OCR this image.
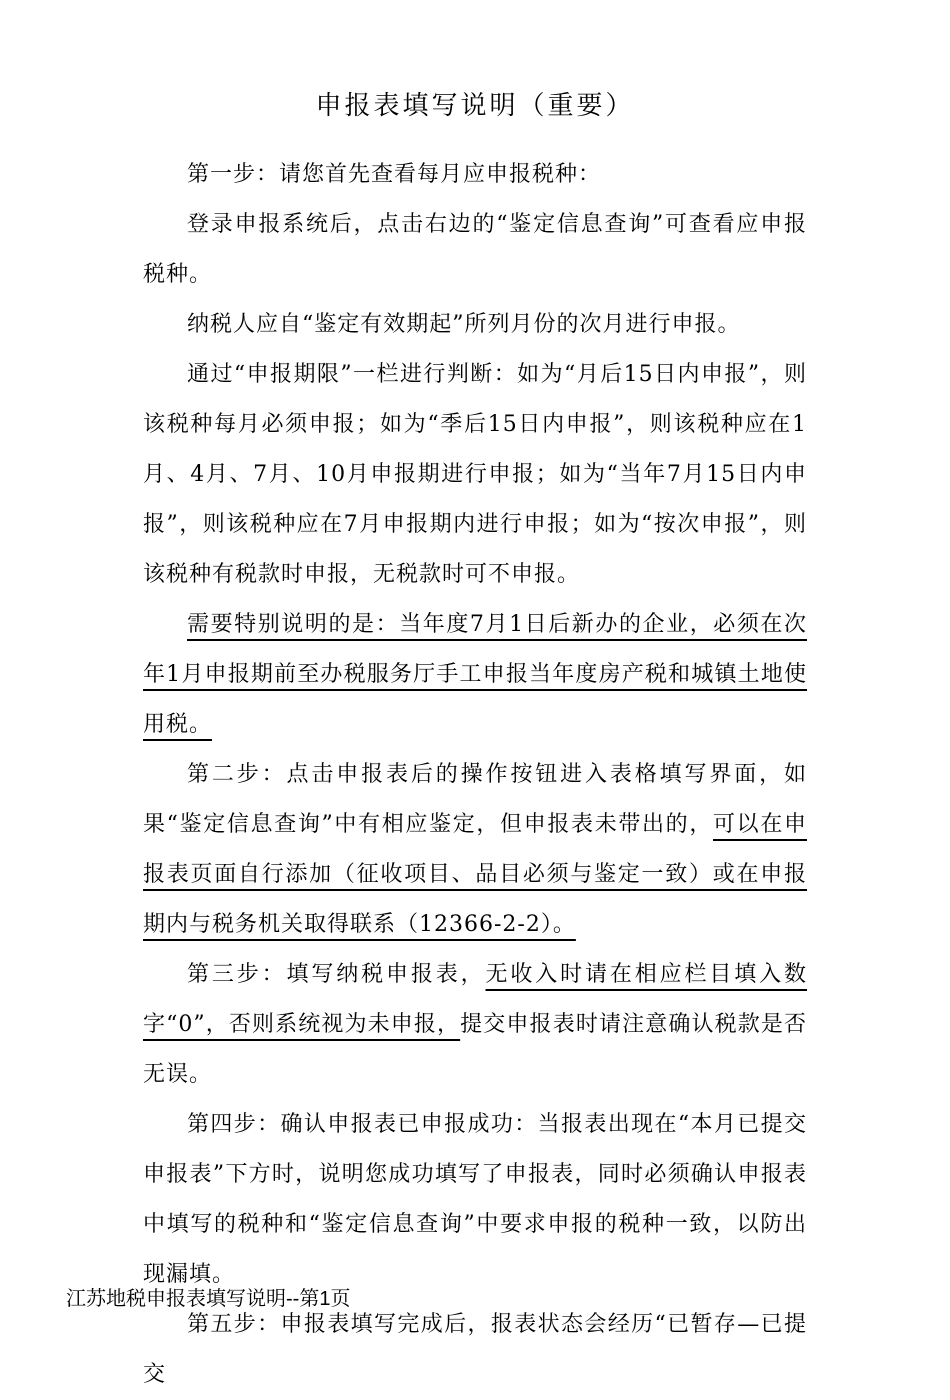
申报表填写说明（重要）

第一步：请您首先查看每月应申报税种：

登录申报系统后，点击右边的“鉴定信息查询”可查看应申报税种。

纳税人应自“鉴定有效期起”所列月份的次月进行申报。

通过“申报期限”一栏进行判断：如为“月后15日内申报”，则该税种每月必须申报；如为“季后15日内申报”，则该税种应在1月、4月、7月、10月申报期进行申报；如为“当年7月15日内申报”，则该税种应在7月申报期内进行申报；如为“按次申报”，则该税种有税款时申报，无税款时可不申报。

需要特别说明的是：当年度7月1日后新办的企业，必须在次年1月申报期前至办税服务厅手工申报当年度房产税和城镇土地使用税。

第二步：点击申报表后的操作按钮进入表格填写界面，如果“鉴定信息查询”中有相应鉴定，但申报表未带出的，可以在申报表页面自行添加（征收项目、品目必须与鉴定一致）或在申报期内与税务机关取得联系（12366-2-2）。

第三步：填写纳税申报表，无收入时请在相应栏目填入数字“0”，否则系统视为未申报，提交申报表时请注意确认税款是否无误。

第四步：确认申报表已申报成功：当报表出现在“本月已提交申报表”下方时，说明您成功填写了申报表，同时必须确认申报表中填写的税种和“鉴定信息查询”中要求申报的税种一致，以防出现漏填。

第五步：申报表填写完成后，报表状态会经历“已暂存—已提交

江苏地税申报表填写说明--第1页
